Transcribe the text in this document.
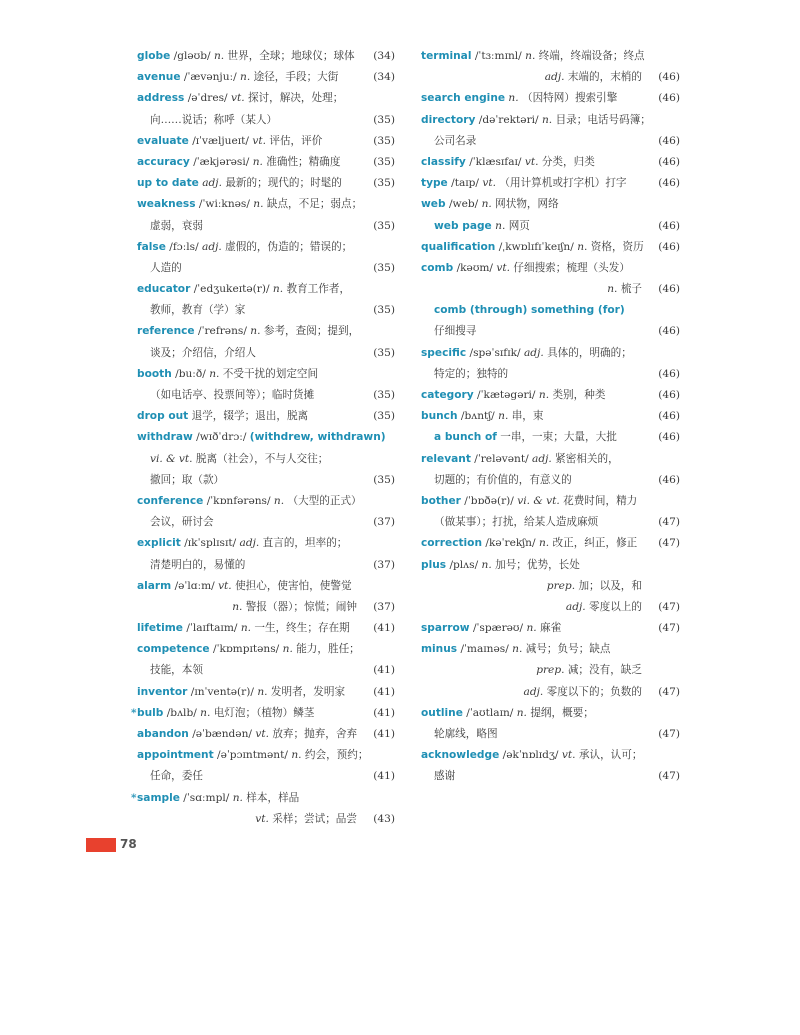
globe /gləʊb/ n. 世界，全球；地球仪；球体 (34)
avenue /ˈævənjuː/ n. 途径，手段；大街	(34)
address /əˈdres/ vt. 探讨，解决，处理；
向……说话；称呼（某人）	(35)
evaluate /ɪˈvæljueɪt/ vt. 评估，评价	(35)
accuracy /ˈækjərəsi/ n. 准确性；精确度	(35)
up to date adj. 最新的；现代的；时髦的	(35)
weakness /ˈwiːknəs/ n. 缺点，不足；弱点；
虚弱，衰弱	(35)
false /fɔːls/ adj. 虚假的，伪造的；错误的；
人造的	(35)
educator /ˈedʒukeɪtə(r)/ n. 教育工作者，
教师，教育（学）家	(35)
reference /ˈrefrəns/ n. 参考，查阅；提到，
谈及；介绍信，介绍人	(35)
booth /buːð/ n. 不受干扰的划定空间
（如电话亭、投票间等）；临时货摊	(35)
drop out 退学，辍学；退出，脱离	(35)
withdraw /wɪðˈdrɔː/ (withdrew, withdrawn)
vi. & vt. 脱离（社会），不与人交往；
撤回；取（款）	(35)
conference /ˈkɒnfərəns/ n. （大型的正式）
会议，研讨会	(37)
explicit /ɪkˈsplɪsɪt/ adj. 直言的，坦率的；
清楚明白的，易懂的	(37)
alarm /əˈlɑːm/ vt. 使担心，使害怕，使警觉
n. 警报（器）；惊慌；闹钟 (37)
lifetime /ˈlaɪftaɪm/ n. 一生，终生；存在期 (41)
competence /ˈkɒmpɪtəns/ n. 能力，胜任；
技能，本领	(41)
inventor /ɪnˈventə(r)/ n. 发明者，发明家	(41)
* bulb /bʌlb/ n. 电灯泡；（植物）鳞茎	(41)
abandon /əˈbændən/ vt. 放弃；抛弃，舍弃 (41)
appointment /əˈpɔɪntmənt/ n. 约会，预约；
任命，委任	(41)
* sample /ˈsɑːmpl/ n. 样本，样品
vt. 采样；尝试；品尝 (43)
terminal /ˈtɜːmɪnl/ n. 终端，终端设备；终点
adj. 末端的，末梢的 (46)
search engine n. （因特网）搜索引擎	(46)
directory /dəˈrektəri/ n. 目录；电话号码簿；
公司名录	(46)
classify /ˈklæsɪfaɪ/ vt. 分类，归类	(46)
type /taɪp/ vt. （用计算机或打字机）打字	(46)
web /web/ n. 网状物，网络
web page n. 网页	(46)
qualification /ˌkwɒlɪfɪˈkeɪʃn/ n. 资格，资历 (46)
comb /kəʊm/ vt. 仔细搜索；梳理（头发）
n. 梳子 (46)
comb (through) something (for)
仔细搜寻	(46)
specific /spəˈsɪfɪk/ adj. 具体的，明确的；
特定的；独特的	(46)
category /ˈkætəgəri/ n. 类别，种类	(46)
bunch /bʌntʃ/ n. 串，束	(46)
a bunch of 一串，一束；大量，大批	(46)
relevant /ˈreləvənt/ adj. 紧密相关的，
切题的；有价值的，有意义的	(46)
bother /ˈbɒðə(r)/ vi. & vt. 花费时间，精力
（做某事）；打扰，给某人造成麻烦	(47)
correction /kəˈrekʃn/ n. 改正，纠正，修正 (47)
plus /plʌs/ n. 加号；优势，长处
prep. 加；以及，和
adj. 零度以上的 (47)
sparrow /ˈspærəʊ/ n. 麻雀	(47)
minus /ˈmaɪnəs/ n. 减号；负号；缺点
prep. 减；没有，缺乏
adj. 零度以下的；负数的 (47)
outline /ˈaʊtlaɪn/ n. 提纲，概要；
轮廓线，略图	(47)
acknowledge /əkˈnɒlɪdʒ/ vt. 承认，认可；
感谢	(47)
78
